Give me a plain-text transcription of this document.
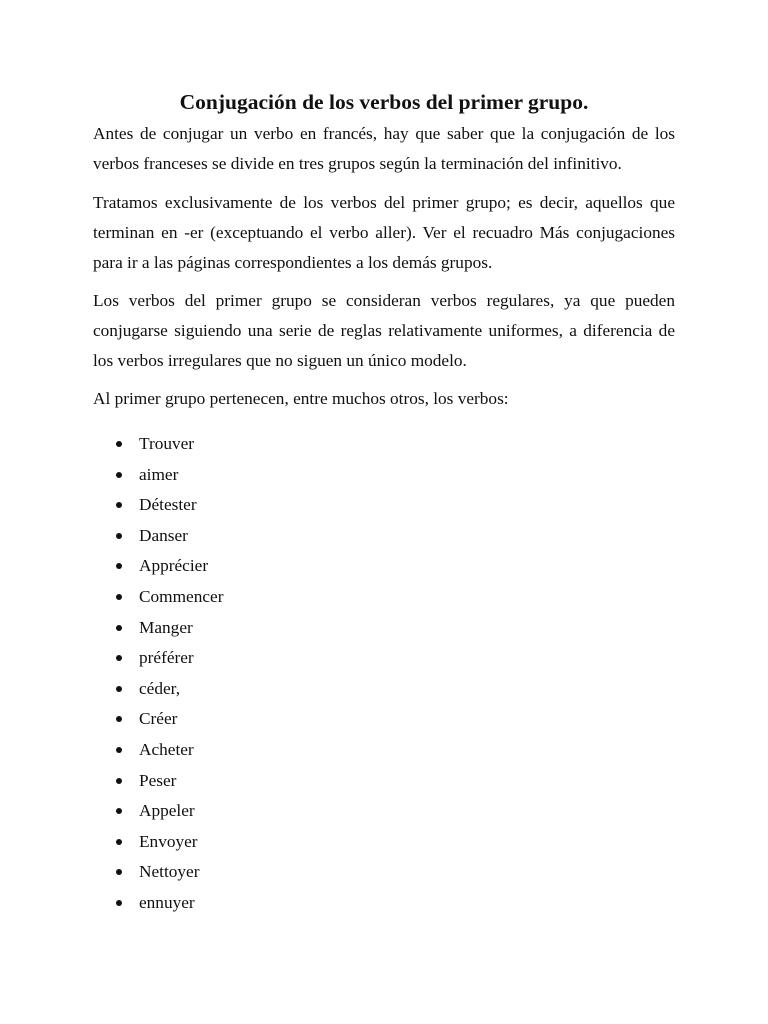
Conjugación de los verbos del primer grupo.

Antes de conjugar un verbo en francés, hay que saber que la conjugación de los verbos franceses se divide en tres grupos según la terminación del infinitivo.

Tratamos exclusivamente de los verbos del primer grupo; es decir, aquellos que terminan en -er (exceptuando el verbo aller). Ver el recuadro Más conjugaciones para ir a las páginas correspondientes a los demás grupos.

Los verbos del primer grupo se consideran verbos regulares, ya que pueden conjugarse siguiendo una serie de reglas relativamente uniformes, a diferencia de los verbos irregulares que no siguen un único modelo.

Al primer grupo pertenecen, entre muchos otros, los verbos:

Trouver
aimer
Détester
Danser
Apprécier
Commencer
Manger
préférer
céder,
Créer
Acheter
Peser
Appeler
Envoyer
Nettoyer
ennuyer
